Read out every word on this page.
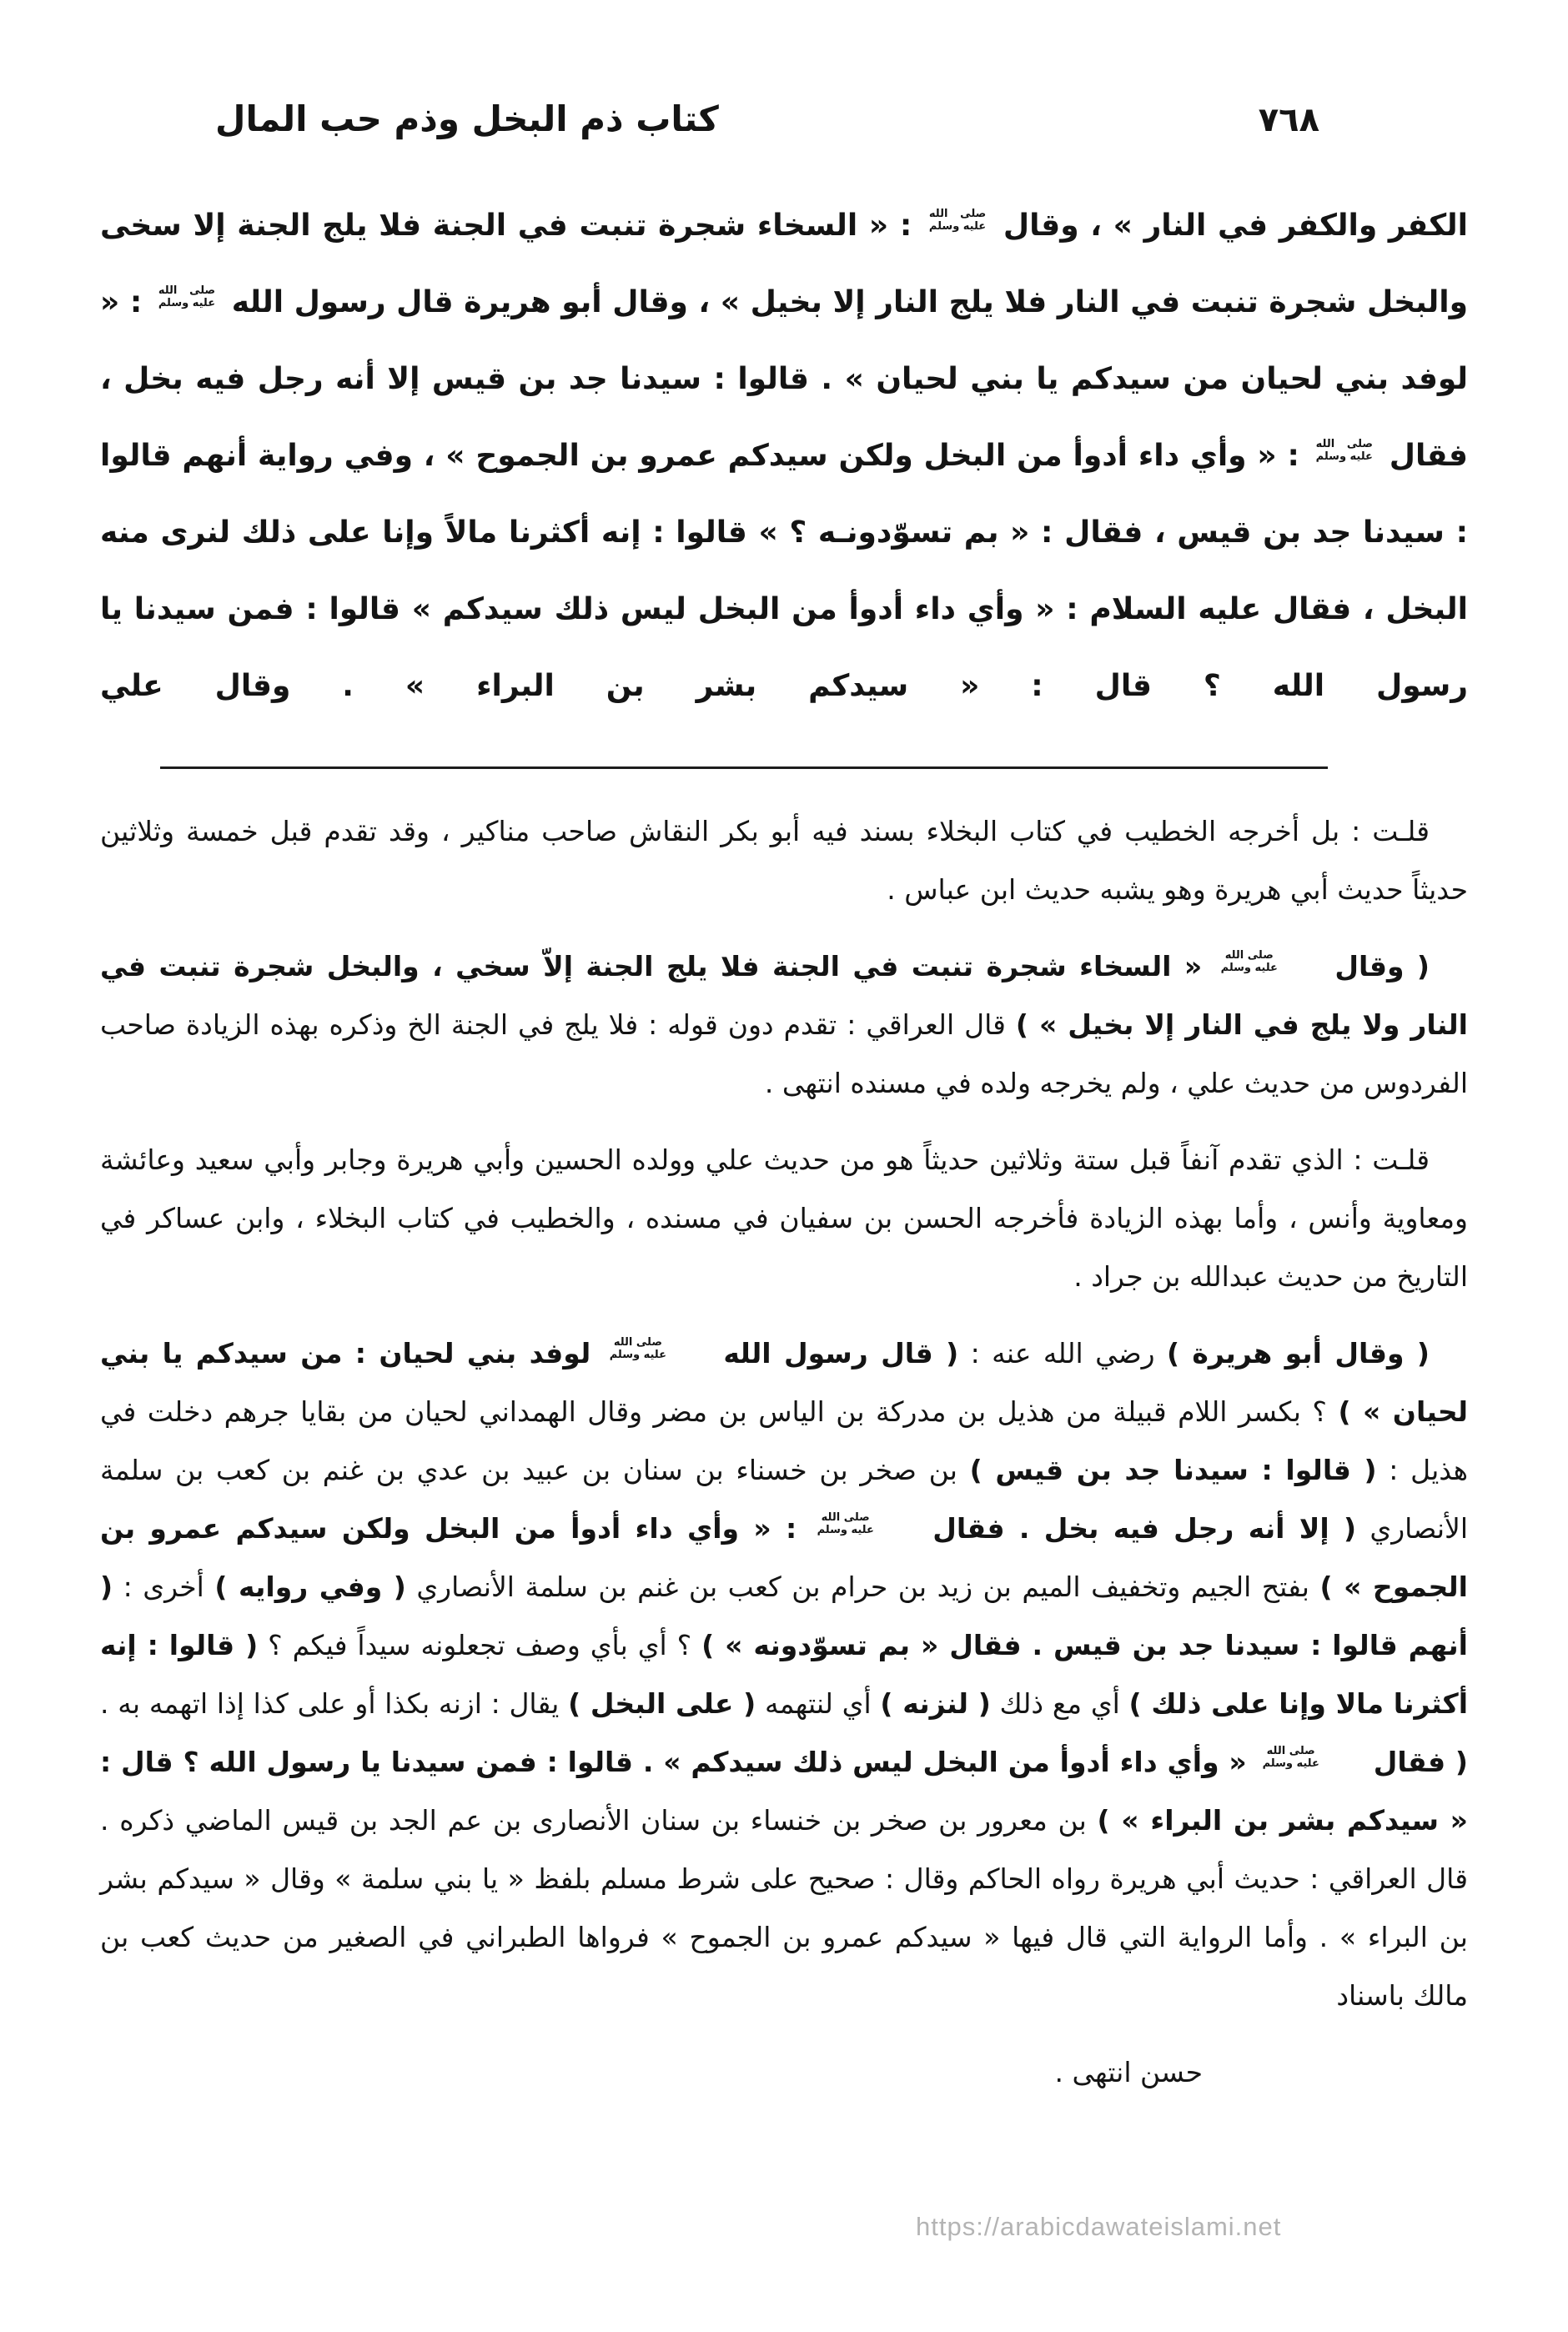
كتاب ذم البخل وذم حب المال	٧٦٨
الكفر والكفر في النار » ، وقال
صلى الله
عليه وسلم
: « السخاء شجرة تنبت في الجنة فلا يلج الجنة إلا سخى والبخل شجرة تنبت في النار فلا يلج النار إلا بخيل » ، وقال أبو هريرة قال رسول الله
صلى الله
عليه وسلم
: « لوفد بني لحيان من سيدكم يا بني لحيان » . قالوا : سيدنا جد بن قيس إلا أنه رجل فيه بخل ، فقال
صلى الله
عليه وسلم
: « وأي داء أدوأ من البخل ولكن سيدكم عمرو بن الجموح » ، وفي رواية أنهم قالوا : سيدنا جد بن قيس ، فقال : « بم تسوّدونـه ؟ » قالوا : إنه أكثرنا مالاً وإنا على ذلك لنرى منه البخل ، فقال عليه السلام : « وأي داء أدوأ من البخل ليس ذلك سيدكم » قالوا : فمن سيدنا يا رسول الله ؟ قال : « سيدكم بشر بن البراء » . وقال علي

قلـت : بل أخرجه الخطيب في كتاب البخلاء بسند فيه أبو بكر النقاش صاحب مناكير ، وقد تقدم قبل خمسة وثلاثين حديثاً حديث أبي هريرة وهو يشبه حديث ابن عباس .

( وقال
صلى الله
عليه وسلم
« السخاء شجرة تنبت في الجنة فلا يلج الجنة إلاّ سخي ، والبخل شجرة تنبت في النار ولا يلج في النار إلا بخيل » ) قال العراقي : تقدم دون قوله : فلا يلج في الجنة الخ وذكره بهذه الزيادة صاحب الفردوس من حديث علي ، ولم يخرجه ولده في مسنده انتهى .

قلـت : الذي تقدم آنفاً قبل ستة وثلاثين حديثاً هو من حديث علي وولده الحسين وأبي هريرة وجابر وأبي سعيد وعائشة ومعاوية وأنس ، وأما بهذه الزيادة فأخرجه الحسن بن سفيان في مسنده ، والخطيب في كتاب البخلاء ، وابن عساكر في التاريخ من حديث عبدالله بن جراد .

( وقال أبو هريرة ) رضي الله عنه : ( قال رسول الله
صلى الله
عليه وسلم
لوفد بني لحيان : من سيدكم يا بني لحيان » ) ؟ بكسر اللام قبيلة من هذيل بن مدركة بن الياس بن مضر وقال الهمداني لحيان من بقايا جرهم دخلت في هذيل : ( قالوا : سيدنا جد بن قيس ) بن صخر بن خسناء بن سنان بن عبيد بن عدي بن غنم بن كعب بن سلمة الأنصاري ( إلا أنه رجل فيه بخل . فقال
صلى الله
عليه وسلم
: « وأي داء أدوأ من البخل ولكن سيدكم عمرو بن الجموح » ) بفتح الجيم وتخفيف الميم بن زيد بن حرام بن كعب بن غنم بن سلمة الأنصاري ( وفي روايه ) أخرى : ( أنهم قالوا : سيدنا جد بن قيس . فقال « بم تسوّدونه » ) ؟ أي بأي وصف تجعلونه سيداً فيكم ؟ ( قالوا : إنه أكثرنا مالا وإنا على ذلك ) أي مع ذلك ( لنزنه ) أي لنتهمه ( على البخل ) يقال : ازنه بكذا أو على كذا إذا اتهمه به . ( فقال
صلى الله
عليه وسلم
« وأي داء أدوأ من البخل ليس ذلك سيدكم » . قالوا : فمن سيدنا يا رسول الله ؟ قال : « سيدكم بشر بن البراء » ) بن معرور بن صخر بن خنساء بن سنان الأنصارى بن عم الجد بن قيس الماضي ذكره . قال العراقي : حديث أبي هريرة رواه الحاكم وقال : صحيح على شرط مسلم بلفظ « يا بني سلمة » وقال « سيدكم بشر بن البراء » . وأما الرواية التي قال فيها « سيدكم عمرو بن الجموح » فرواها الطبراني في الصغير من حديث كعب بن مالك باسناد

حسن انتهى .
https://arabicdawateislami.net
